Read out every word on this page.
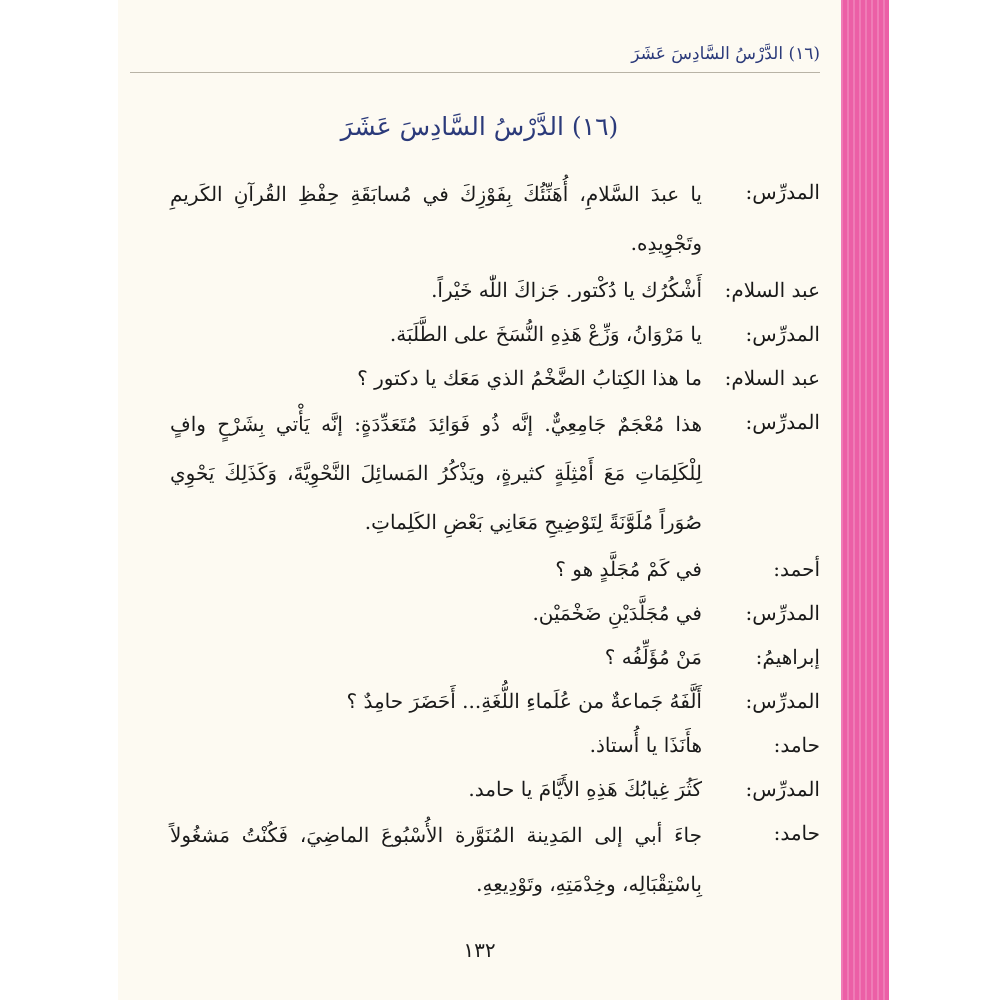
(١٦) الدَّرْسُ السَّادِسَ عَشَرَ
(١٦) الدَّرْسُ السَّادِسَ عَشَرَ
المدرِّس:
يا عبدَ السَّلامِ، أُهَنِّئُكَ بِفَوْزِكَ في مُسابَقَةِ حِفْظِ القُرآنِ الكَريمِ وتَجْوِيدِه.
عبد السلام:
أَشْكُرُك يا دُكْتور. جَزاكَ اللّٰه خَيْراً.
المدرِّس:
يا مَرْوَانُ، وَزِّعْ هَذِهِ النُّسَخَ على الطَّلَبَة.
عبد السلام:
ما هذا الكِتابُ الضَّخْمُ الذي مَعَك يا دكتور ؟
المدرِّس:
هذا مُعْجَمٌ جَامِعِيٌّ. إنَّه ذُو فَوَائِدَ مُتَعَدِّدَةٍ: إنَّه يَأْتي بِشَرْحٍ وافٍ لِلْكَلِمَاتِ مَعَ أَمْثِلَةٍ كثيرةٍ، ويَذْكُرُ المَسائِلَ النَّحْوِيَّةَ، وَكَذَلِكَ يَحْوِي صُوَراً مُلَوَّنَةً لِتَوْضِيحِ مَعَانِي بَعْضِ الكَلِماتِ.
أحمد:
في كَمْ مُجَلَّدٍ هو ؟
المدرِّس:
في مُجَلَّدَيْنِ ضَخْمَيْن.
إبراهيمُ:
مَنْ مُؤَلِّفُه ؟
المدرِّس:
أَلَّفَهُ جَماعةٌ من عُلَماءِ اللُّغَةِ... أَحَضَرَ حامِدٌ ؟
حامد:
هأَنَذَا يا أُستاذ.
المدرِّس:
كَثُرَ غِيابُكَ هَذِهِ الأَيَّامَ يا حامد.
حامد:
جاءَ أبي إلى المَدِينة المُنَوَّرة الأُسْبُوعَ الماضِيَ، فَكُنْتُ مَشغُولاً بِاسْتِقْبَالِه، وخِدْمَتِهِ، وتَوْدِيعِهِ.
١٣٢
